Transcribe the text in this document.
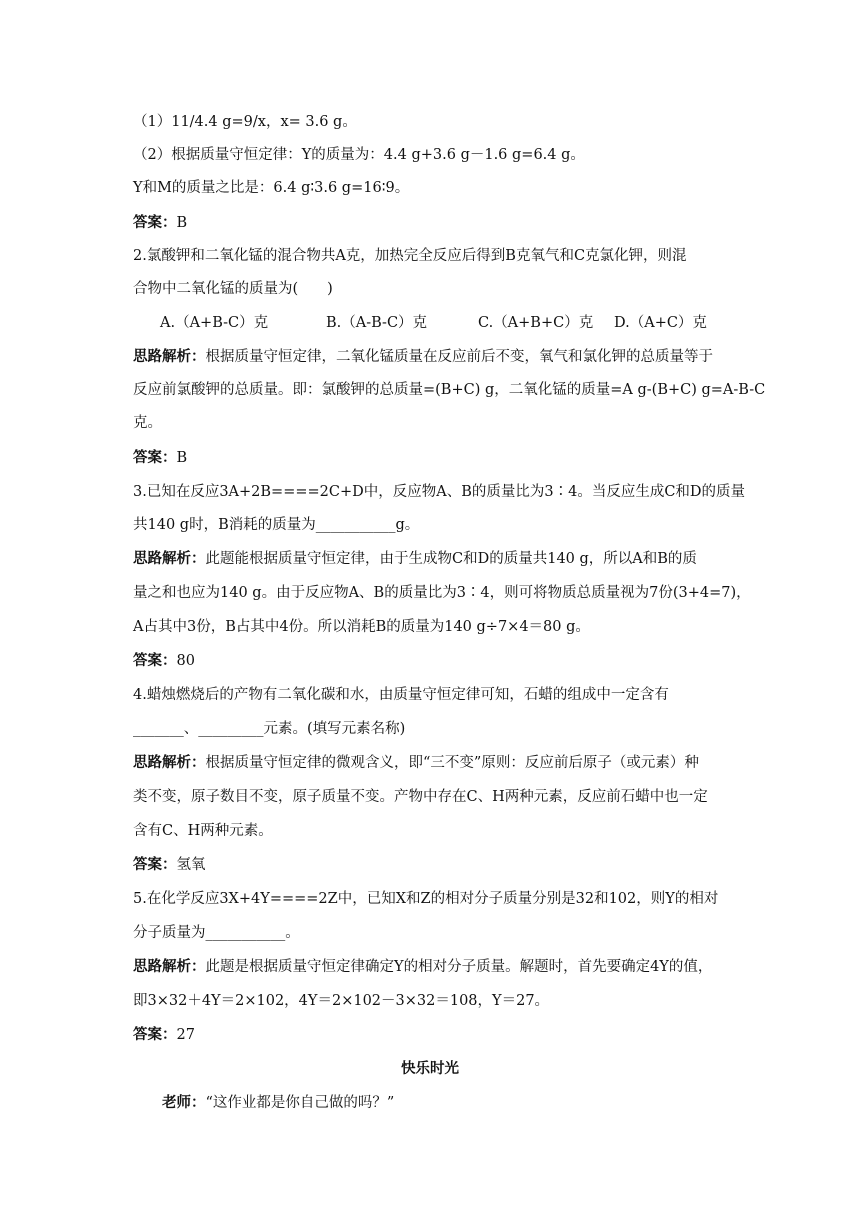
（1）11/4.4 g=9/x，x= 3.6 g。
（2）根据质量守恒定律：Y的质量为：4.4 g+3.6 g－1.6 g=6.4 g。
Y和M的质量之比是：6.4 g∶3.6 g=16∶9。
答案：B
2.氯酸钾和二氧化锰的混合物共A克，加热完全反应后得到B克氧气和C克氯化钾，则混
合物中二氧化锰的质量为(　　)
A.（A+B-C）克	B.（A-B-C）克	C.（A+B+C）克 D.（A+C）克
思路解析：根据质量守恒定律，二氧化锰质量在反应前后不变，氧气和氯化钾的总质量等于
反应前氯酸钾的总质量。即：氯酸钾的总质量=(B+C) g，二氧化锰的质量=A g-(B+C) g=A-B-C
克。
答案：B
3.已知在反应3A+2B====2C+D中，反应物A、B的质量比为3∶4。当反应生成C和D的质量
共140 g时，B消耗的质量为___________g。
思路解析：此题能根据质量守恒定律，由于生成物C和D的质量共140 g，所以A和B的质
量之和也应为140 g。由于反应物A、B的质量比为3∶4，则可将物质总质量视为7份(3+4=7)，
A占其中3份，B占其中4份。所以消耗B的质量为140 g÷7×4＝80 g。
答案：80
4.蜡烛燃烧后的产物有二氧化碳和水，由质量守恒定律可知，石蜡的组成中一定含有
_______、_________元素。(填写元素名称)
思路解析：根据质量守恒定律的微观含义，即“三不变”原则：反应前后原子（或元素）种
类不变，原子数目不变，原子质量不变。产物中存在C、H两种元素，反应前石蜡中也一定
含有C、H两种元素。
答案：氢氧
5.在化学反应3X+4Y====2Z中，已知X和Z的相对分子质量分别是32和102，则Y的相对
分子质量为___________。
思路解析：此题是根据质量守恒定律确定Y的相对分子质量。解题时，首先要确定4Y的值，
即3×32＋4Y＝2×102，4Y＝2×102－3×32＝108，Y＝27。
答案：27
快乐时光
老师：“这作业都是你自己做的吗？”
